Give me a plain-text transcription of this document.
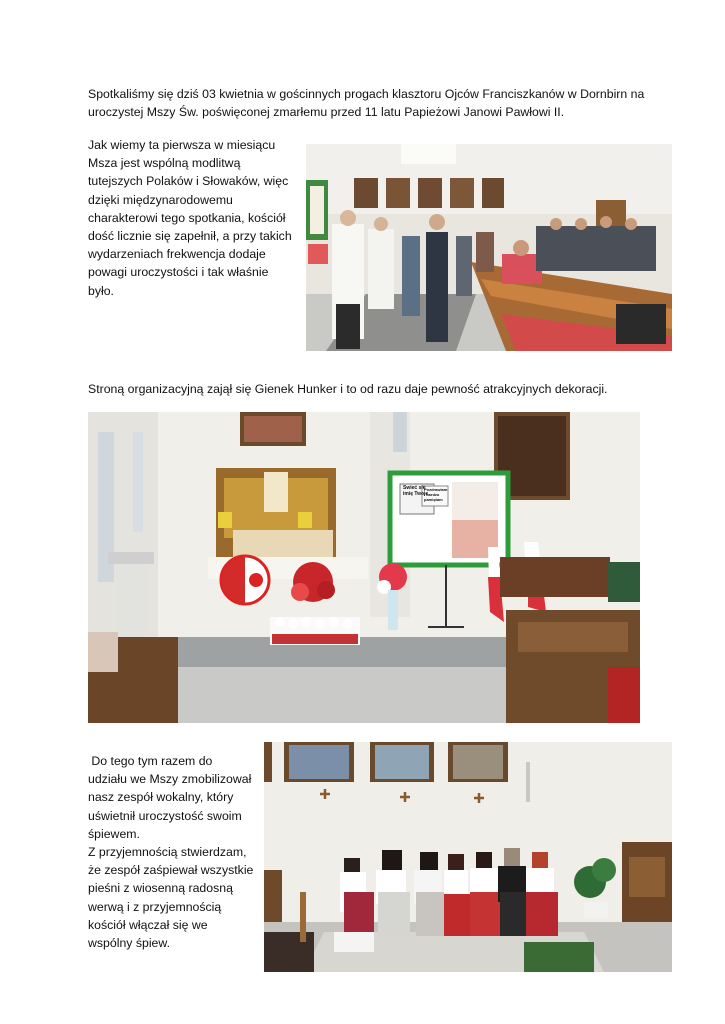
Spotkaliśmy się dziś 03 kwietnia w gościnnych progach klasztoru Ojców Franciszkanów w Dornbirn na
uroczystej Mszy Św. poświęconej zmarłemu przed 11 latu Papieżowi Janowi Pawłowi II.
Jak wiemy ta pierwsza w miesiącu
Msza jest wspólną modlitwą
tutejszych Polaków i Słowaków, więc
dzięki międzynarodowemu
charakterowi tego spotkania, kościół
dość licznie się zapełnił, a przy takich
wydarzeniach frekwencja dodaje
powagi uroczystości i tak właśnie
było.
Stroną organizacyjną zajął się Gienek Hunker i to od razu daje pewność atrakcyjnych dekoracji.
Swieć się imię Twoje
Pozdrawiam i bardzo pamiętam
Do tego tym razem do
udziału we Mszy zmobilizował
nasz zespół wokalny, który
uświetnił uroczystość swoim
śpiewem.
Z przyjemnością stwierdzam,
że zespół zaśpiewał wszystkie
pieśni z wiosenną radosną
werwą i z przyjemnością
kościół włączał się we
wspólny śpiew.
